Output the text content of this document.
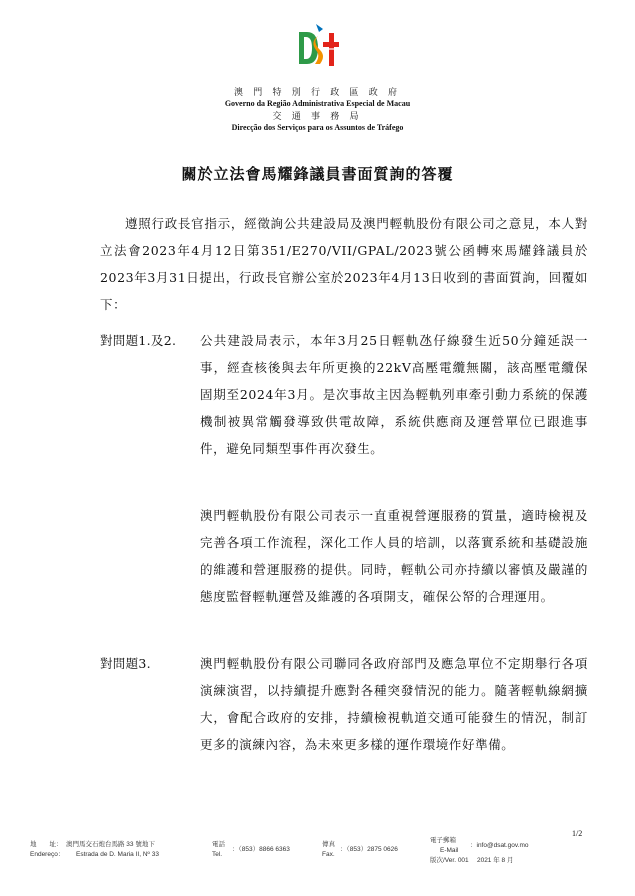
澳 門 特 別 行 政 區 政 府
Governo da Região Administrativa Especial de Macau
交 通 事 務 局
Direcção dos Serviços para os Assuntos de Tráfego
關於立法會馬耀鋒議員書面質詢的答覆
遵照行政長官指示，經徵詢公共建設局及澳門輕軌股份有限公司之意見，本人對立法會2023年4月12日第351/E270/VII/GPAL/2023號公函轉來馬耀鋒議員於2023年3月31日提出，行政長官辦公室於2023年4月13日收到的書面質詢，回覆如下：
對問題1.及2. 公共建設局表示，本年3月25日輕軌氹仔線發生近50分鐘延誤一事，經查核後與去年所更換的22kV高壓電纜無關，該高壓電纜保固期至2024年3月。是次事故主因為輕軌列車牽引動力系統的保護機制被異常觸發導致供電故障，系統供應商及運營單位已跟進事件，避免同類型事件再次發生。
澳門輕軌股份有限公司表示一直重視營運服務的質量，適時檢視及完善各項工作流程，深化工作人員的培訓，以落實系統和基礎設施的維護和營運服務的提供。同時，輕軌公司亦持續以審慎及嚴謹的態度監督輕軌運營及維護的各項開支，確保公帑的合理運用。
對問題3.	澳門輕軌股份有限公司聯同各政府部門及應急單位不定期舉行各項演練演習，以持續提升應對各種突發情況的能力。隨著輕軌線網擴大，會配合政府的安排，持續檢視軌道交通可能發生的情況，制訂更多的演練內容，為未來更多樣的運作環境作好準備。
1/2
地　　址：
Endereço：
澳門馬交石炮台馬路 33 號地下
Estrada de D. Maria II, Nº 33
電話
Tel.
：（853）8866 6363
傳真
Fax.
：（853）2875 0626
電子郵箱
E-Mail
：info@dsat.gov.mo
版次/Ver. 001　 2021 年 8 月
